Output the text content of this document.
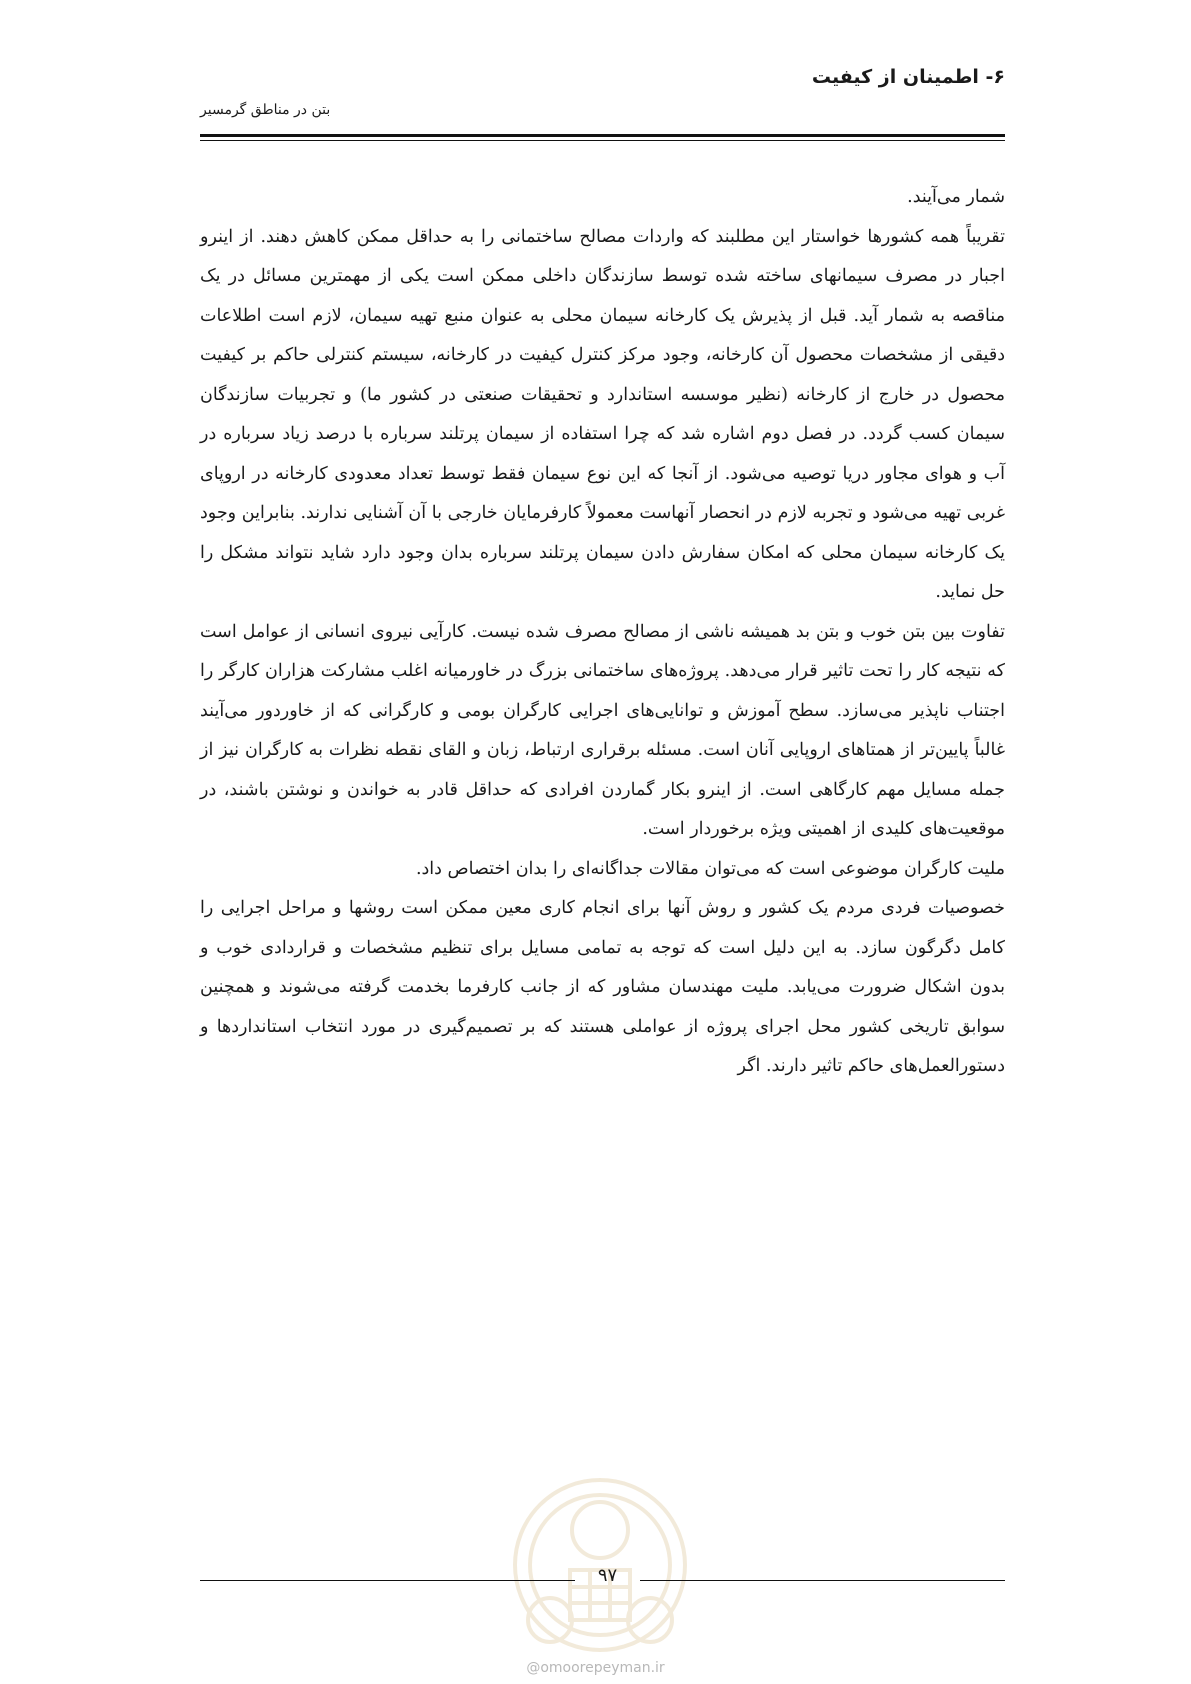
۶- اطمینان از کیفیت
بتن در مناطق گرمسیر

شمار می‌آیند.

تقریباً همه کشورها خواستار این مطلبند که واردات مصالح ساختمانی را به حداقل ممکن کاهش دهند. از اینرو اجبار در مصرف سیمانهای ساخته شده توسط سازندگان داخلی ممکن است یکی از مهمترین مسائل در یک مناقصه به شمار آید. قبل از پذیرش یک کارخانه سیمان محلی به عنوان منبع تهیه سیمان، لازم است اطلاعات دقیقی از مشخصات محصول آن کارخانه، وجود مرکز کنترل کیفیت در کارخانه، سیستم کنترلی حاکم بر کیفیت محصول در خارج از کارخانه (نظیر موسسه استاندارد و تحقیقات صنعتی در کشور ما) و تجربیات سازندگان سیمان کسب گردد. در فصل دوم اشاره شد که چرا استفاده از سیمان پرتلند سرباره با درصد زیاد سرباره در آب و هوای مجاور دریا توصیه می‌شود. از آنجا که این نوع سیمان فقط توسط تعداد معدودی کارخانه در اروپای غربی تهیه می‌شود و تجربه لازم در انحصار آنهاست معمولاً کارفرمایان خارجی با آن آشنایی ندارند. بنابراین وجود یک کارخانه سیمان محلی که امکان سفارش دادن سیمان پرتلند سرباره بدان وجود دارد شاید نتواند مشکل را حل نماید.

تفاوت بین بتن خوب و بتن بد همیشه ناشی از مصالح مصرف شده نیست. کارآیی نیروی انسانی از عوامل است که نتیجه کار را تحت تاثیر قرار می‌دهد. پروژه‌های ساختمانی بزرگ در خاورمیانه اغلب مشارکت هزاران کارگر را اجتناب ناپذیر می‌سازد. سطح آموزش و توانایی‌های اجرایی کارگران بومی و کارگرانی که از خاوردور می‌آیند غالباً پایین‌تر از همتاهای اروپایی آنان است. مسئله برقراری ارتباط، زبان و القای نقطه نظرات به کارگران نیز از جمله مسایل مهم کارگاهی است. از اینرو بکار گماردن افرادی که حداقل قادر به خواندن و نوشتن باشند، در موقعیت‌های کلیدی از اهمیتی ویژه برخوردار است.

ملیت کارگران موضوعی است که می‌توان مقالات جداگانه‌ای را بدان اختصاص داد.

خصوصیات فردی مردم یک کشور و روش آنها برای انجام کاری معین ممکن است روشها و مراحل اجرایی را کامل دگرگون سازد. به این دلیل است که توجه به تمامی مسایل برای تنظیم مشخصات و قراردادی خوب و بدون اشکال ضرورت می‌یابد. ملیت مهندسان مشاور که از جانب کارفرما بخدمت گرفته می‌شوند و همچنین سوابق تاریخی کشور محل اجرای پروژه از عواملی هستند که بر تصمیم‌گیری در مورد انتخاب استانداردها و دستورالعمل‌های حاکم تاثیر دارند. اگر

۹۷
@omoorepeyman.ir
